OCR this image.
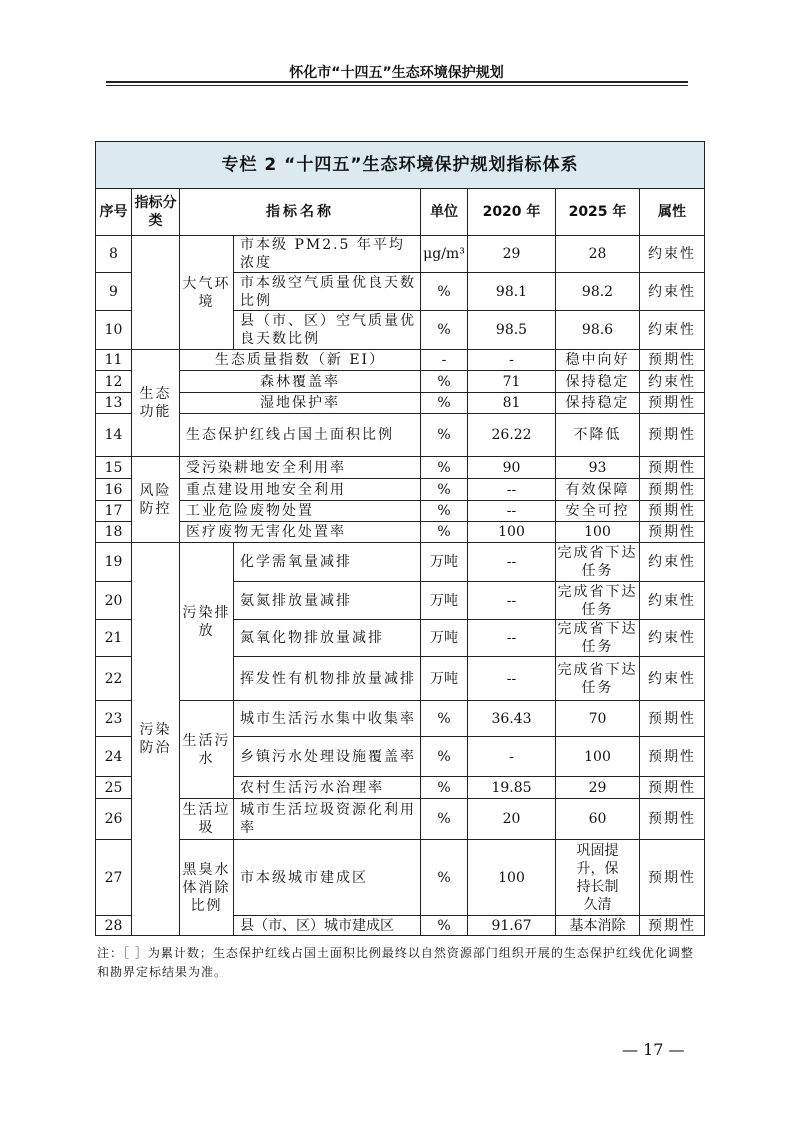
怀化市“十四五”生态环境保护规划
专栏 2 “十四五”生态环境保护规划指标体系							
序号	指标分类	指标名称		单位	2020 年	2025 年	属性
8		大气环境	市本级 PM2.5 年平均浓度	μg/m³	29	28	约束性
9			市本级空气质量优良天数比例	%	98.1	98.2	约束性
10			县（市、区）空气质量优良天数比例	%	98.5	98.6	约束性
11	生态功能	生态质量指数（新 EI）		-	-	稳中向好	预期性
12		森林覆盖率		%	71	保持稳定	约束性
13		湿地保护率		%	81	保持稳定	预期性
14		生态保护红线占国土面积比例		%	26.22	不降低	预期性
15	风险防控	受污染耕地安全利用率		%	90	93	预期性
16		重点建设用地安全利用		%	--	有效保障	预期性
17		工业危险废物处置		%	--	安全可控	预期性
18		医疗废物无害化处置率		%	100	100	预期性
19	污染防治	污染排放	化学需氧量减排	万吨	--	完成省下达任务	约束性
20			氨氮排放量减排	万吨	--	完成省下达任务	约束性
21			氮氧化物排放量减排	万吨	--	完成省下达任务	约束性
22			挥发性有机物排放量减排	万吨	--	完成省下达任务	约束性
23		生活污水	城市生活污水集中收集率	%	36.43	70	预期性
24			乡镇污水处理设施覆盖率	%	-	100	预期性
25			农村生活污水治理率	%	19.85	29	预期性
26		生活垃圾	城市生活垃圾资源化利用率	%	20	60	预期性
27		黑臭水体消除比例	市本级城市建成区	%	100	巩固提升，保持长制久清	预期性
28			县（市、区）城市建成区	%	91.67	基本消除	预期性
注：［ ］为累计数；生态保护红线占国土面积比例最终以自然资源部门组织开展的生态保护红线优化调整和勘界定标结果为准。
— 17 —
